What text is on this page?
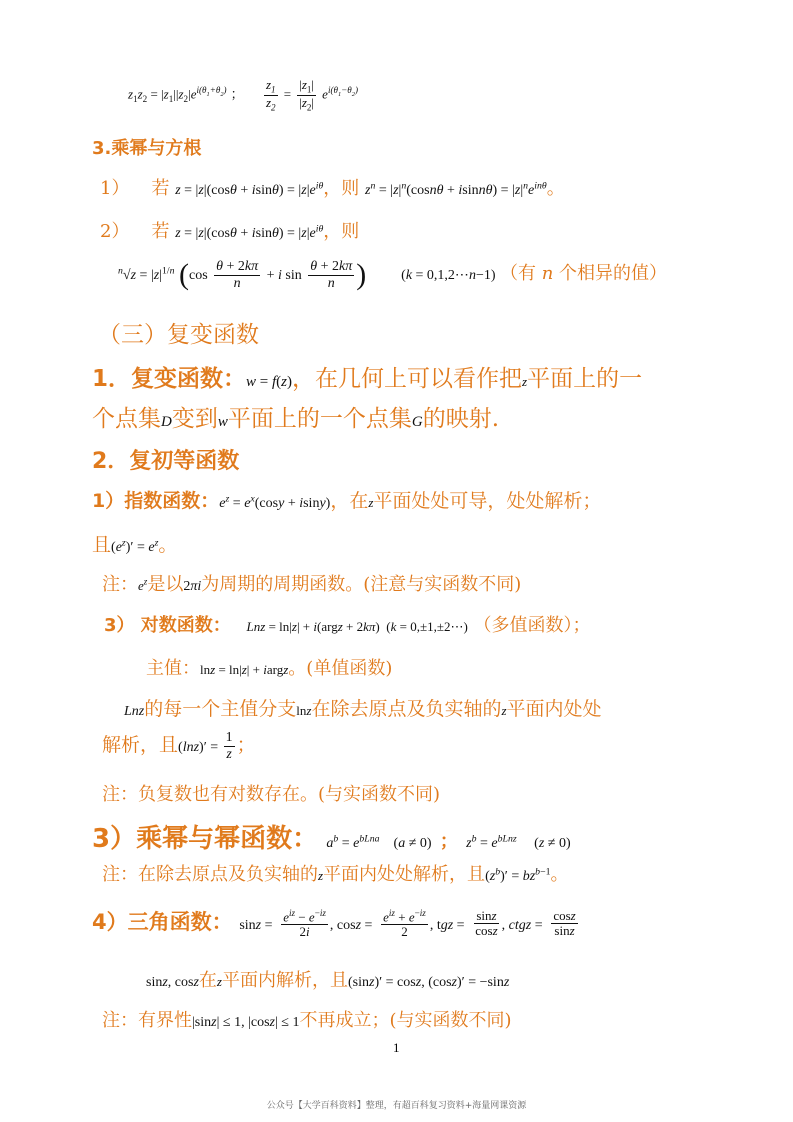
$z_1z_2 = |z_1||z_2|e^{i(\theta_1+\theta_2)}$ ； $\frac{z_1}{z_2} = \frac{|z_1|}{|z_2|} e^{i(\theta_1-\theta_2)}$
3.乘幂与方根
1） 若 $z = |z|(\cos\theta + isin\theta) = |z|e^{i\theta}$，则 $z^n = |z|^n(\cos n\theta + isinn\theta) = |z|^ne^{in\theta}$。
2） 若 $z = |z|(\cos\theta + isin\theta) = |z|e^{i\theta}$，则
$^n√z = |z|^{1/n}$ ($\cos \frac{\theta + 2k\pi}{n} + i$ $\sin \frac{\theta + 2k\pi}{n}$ ) (k = 0,1,2⋯n−1) （有 n 个相异的值）
（三）复变函数
1．复变函数：w = f(z)，在几何上可以看作把z平面上的一
个点集D变到w平面上的一个点集G的映射.
2．复初等函数
1）指数函数：$e^z = e^x(\cos y + isiny)$，在z平面处处可导，处处解析；
且$(e^z)' = e^z$。
注：$e^z$是以2πi为周期的周期函数。(注意与实函数不同)
3） 对数函数： Lnz = ln|z| + i(argz + 2kπ)  (k = 0,±1,±2⋯) （多值函数）；
主值：lnz = ln|z| + iargz。(单值函数)
Lnz的每一个主值分支lnz在除去原点及负实轴的z平面内处处
解析，且$(\ln z)' = \frac{1}{z}$ ；
注：负复数也有对数存在。(与实函数不同)
3）乘幂与幂函数： $a^b = e^{bLna}$    (a ≠ 0) ； $z^b = e^{bLnz}$     (z ≠ 0)
注：在除去原点及负实轴的z平面内处处解析，且$(z^b)' = bz^{b-1}$。
4）三角函数： $\sin z = \frac{e^{iz} - e^{-iz}}{2i}$ , $\cos z = \frac{e^{iz} + e^{-iz}}{2}$ , tgz = $\frac{\sin z}{\cos z}$ , ctgz = $\frac{\cos z}{\sin z}$
sinz, cosz在z平面内解析，且(sinz)′ = cosz, (cosz)′ = −sinz
注：有界性|sinz| ≤ 1, |cosz| ≤ 1不再成立；(与实函数不同)
1
公众号【大学百科资料】整理，有超百科复习资料+海量网课资源
